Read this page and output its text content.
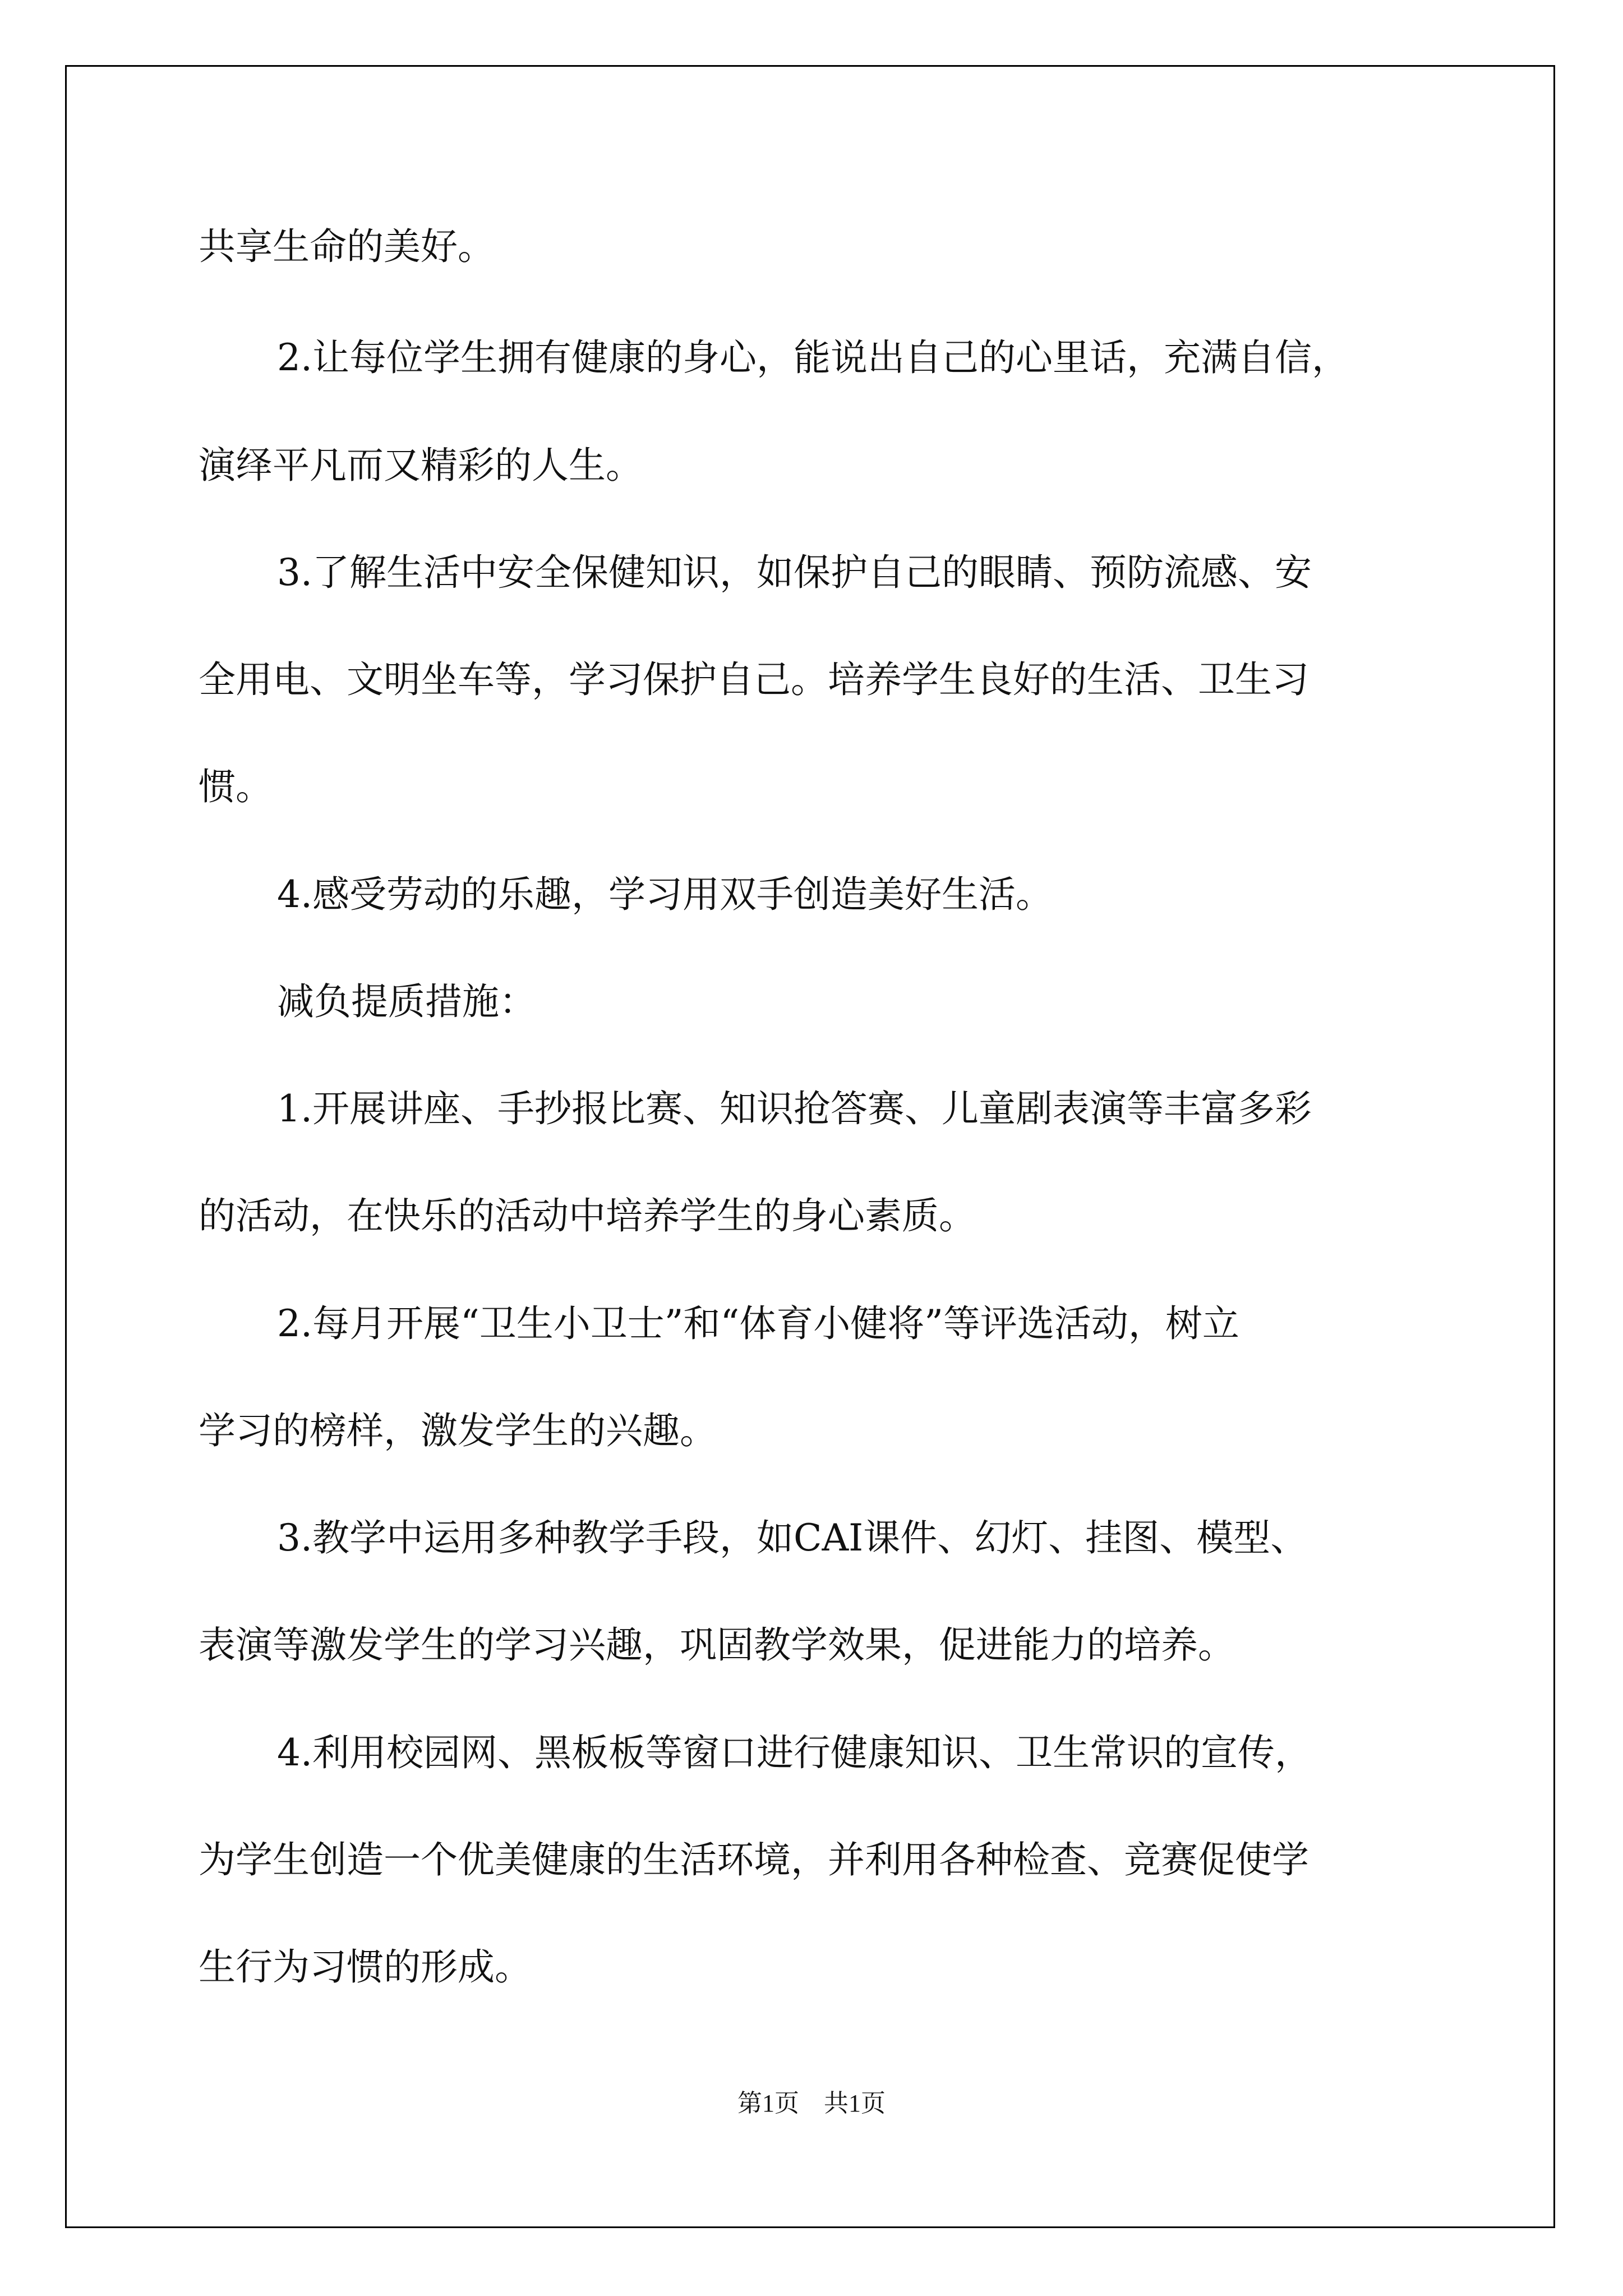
共享生命的美好。

2.让每位学生拥有健康的身心，能说出自己的心里话，充满自信，

演绎平凡而又精彩的人生。

3.了解生活中安全保健知识，如保护自己的眼睛、预防流感、安

全用电、文明坐车等，学习保护自己。培养学生良好的生活、卫生习

惯。

4.感受劳动的乐趣，学习用双手创造美好生活。

减负提质措施：

1.开展讲座、手抄报比赛、知识抢答赛、儿童剧表演等丰富多彩

的活动，在快乐的活动中培养学生的身心素质。

2.每月开展“卫生小卫士”和“体育小健将”等评选活动，树立

学习的榜样，激发学生的兴趣。

3.教学中运用多种教学手段，如CAI课件、幻灯、挂图、模型、

表演等激发学生的学习兴趣，巩固教学效果，促进能力的培养。

4.利用校园网、黑板板等窗口进行健康知识、卫生常识的宣传，

为学生创造一个优美健康的生活环境，并利用各种检查、竞赛促使学

生行为习惯的形成。

第1页　共1页
